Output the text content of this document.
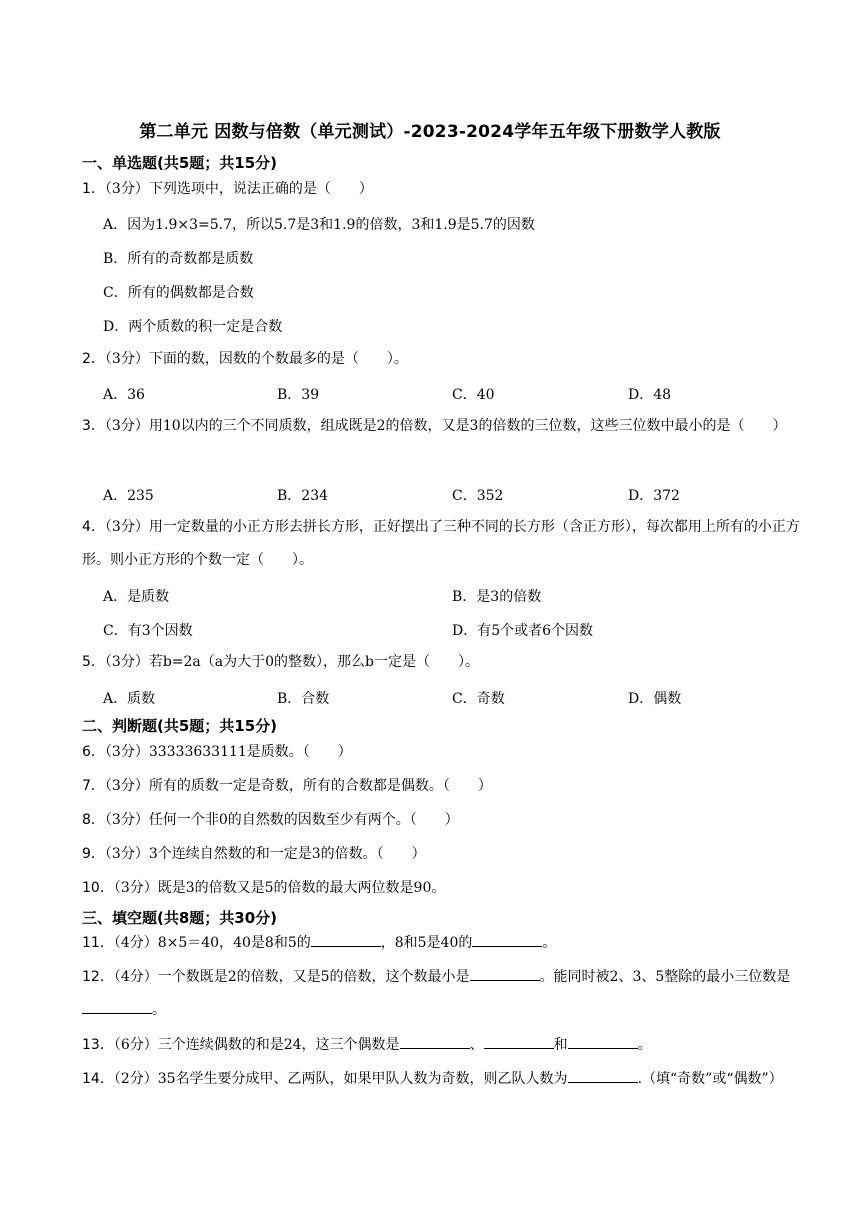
第二单元 因数与倍数（单元测试）-2023-2024学年五年级下册数学人教版
一、单选题(共5题；共15分)
1．（3分）下列选项中，说法正确的是（　　）
A．因为1.9×3=5.7，所以5.7是3和1.9的倍数，3和1.9是5.7的因数
B．所有的奇数都是质数
C．所有的偶数都是合数
D．两个质数的积一定是合数
2．（3分）下面的数，因数的个数最多的是（　　）。
A．36	B．39	C．40	D．48
3．（3分）用10以内的三个不同质数，组成既是2的倍数，又是3的倍数的三位数，这些三位数中最小的是（　　）
A．235	B．234	C．352	D．372
4．（3分）用一定数量的小正方形去拼长方形，正好摆出了三种不同的长方形（含正方形），每次都用上所有的小正方形。则小正方形的个数一定（　　）。
A．是质数	B．是3的倍数
C．有3个因数	D．有5个或者6个因数
5．（3分）若b=2a（a为大于0的整数），那么b一定是（　　）。
A．质数	B．合数	C．奇数	D．偶数
二、判断题(共5题；共15分)
6．（3分）33333633111是质数。（　　）
7．（3分）所有的质数一定是奇数，所有的合数都是偶数。（　　）
8．（3分）任何一个非0的自然数的因数至少有两个。（　　）
9．（3分）3个连续自然数的和一定是3的倍数。（　　）
10．（3分）既是3的倍数又是5的倍数的最大两位数是90。
三、填空题(共8题；共30分)
11．（4分）8×5＝40，40是8和5的	，8和5是40的	。
12．（4分）一个数既是2的倍数，又是5的倍数，这个数最小是	。能同时被2、3、5整除的最小三位数是。
13．（6分）三个连续偶数的和是24，这三个偶数是	、	和	。
14．（2分）35名学生要分成甲、乙两队，如果甲队人数为奇数，则乙队人数为	.（填“奇数”或“偶数”）
